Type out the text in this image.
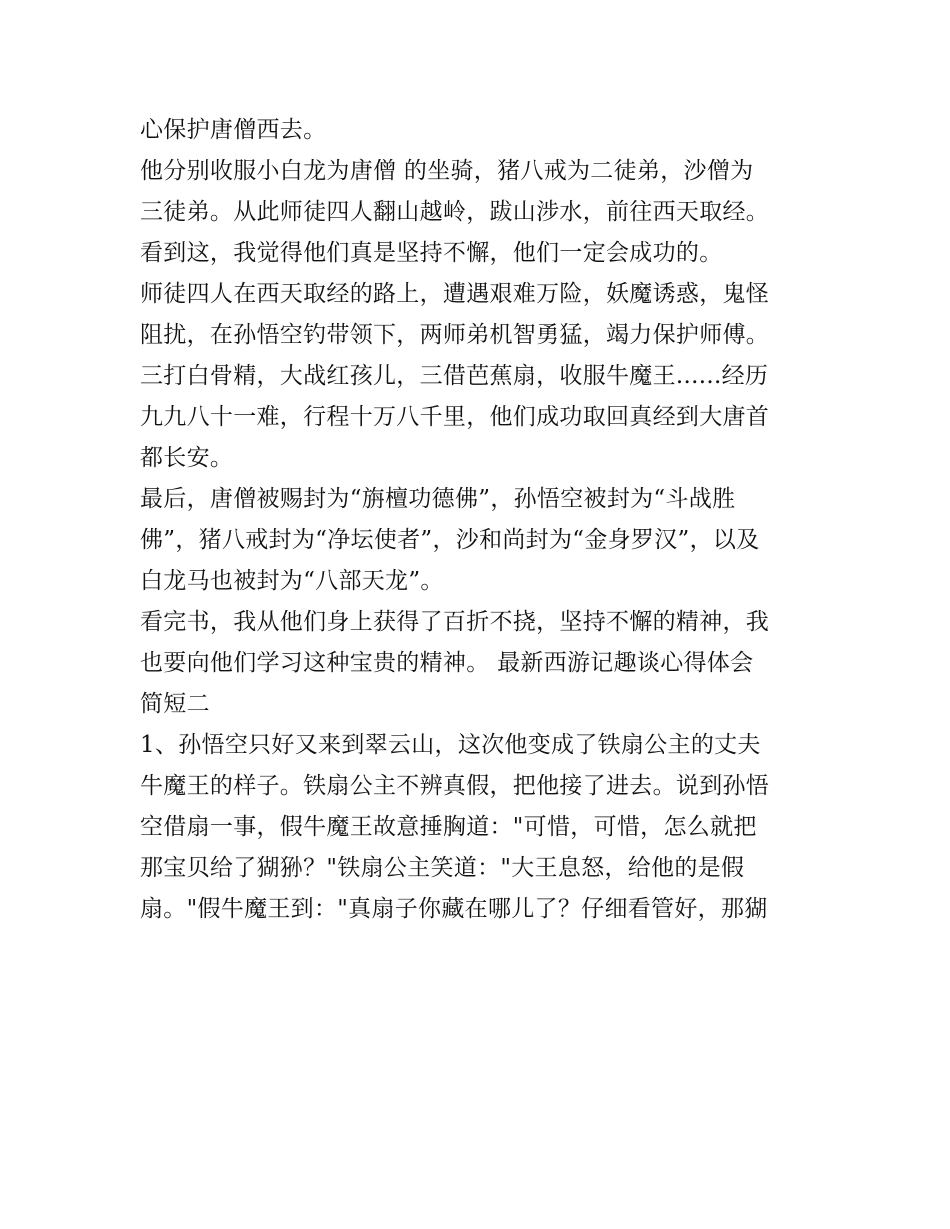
心保护唐僧西去。
他分别收服小白龙为唐僧 的坐骑，猪八戒为二徒弟，沙僧为
三徒弟。从此师徒四人翻山越岭，跋山涉水，前往西天取经。
看到这，我觉得他们真是坚持不懈，他们一定会成功的。
师徒四人在西天取经的路上，遭遇艰难万险，妖魔诱惑，鬼怪
阻扰，在孙悟空钓带领下，两师弟机智勇猛，竭力保护师傅。
三打白骨精，大战红孩儿，三借芭蕉扇，收服牛魔王......经历
九九八十一难，行程十万八千里，他们成功取回真经到大唐首
都长安。
最后，唐僧被赐封为“旃檀功德佛”，孙悟空被封为“斗战胜
佛”，猪八戒封为“净坛使者”，沙和尚封为“金身罗汉”，以及
白龙马也被封为“八部天龙”。
看完书，我从他们身上获得了百折不挠，坚持不懈的精神，我
也要向他们学习这种宝贵的精神。 最新西游记趣谈心得体会
简短二
1、孙悟空只好又来到翠云山，这次他变成了铁扇公主的丈夫
牛魔王的样子。铁扇公主不辨真假，把他接了进去。说到孙悟
空借扇一事，假牛魔王故意捶胸道："可惜，可惜，怎么就把
那宝贝给了猢狲？"铁扇公主笑道："大王息怒，给他的是假
扇。"假牛魔王到："真扇子你藏在哪儿了？仔细看管好，那猢
